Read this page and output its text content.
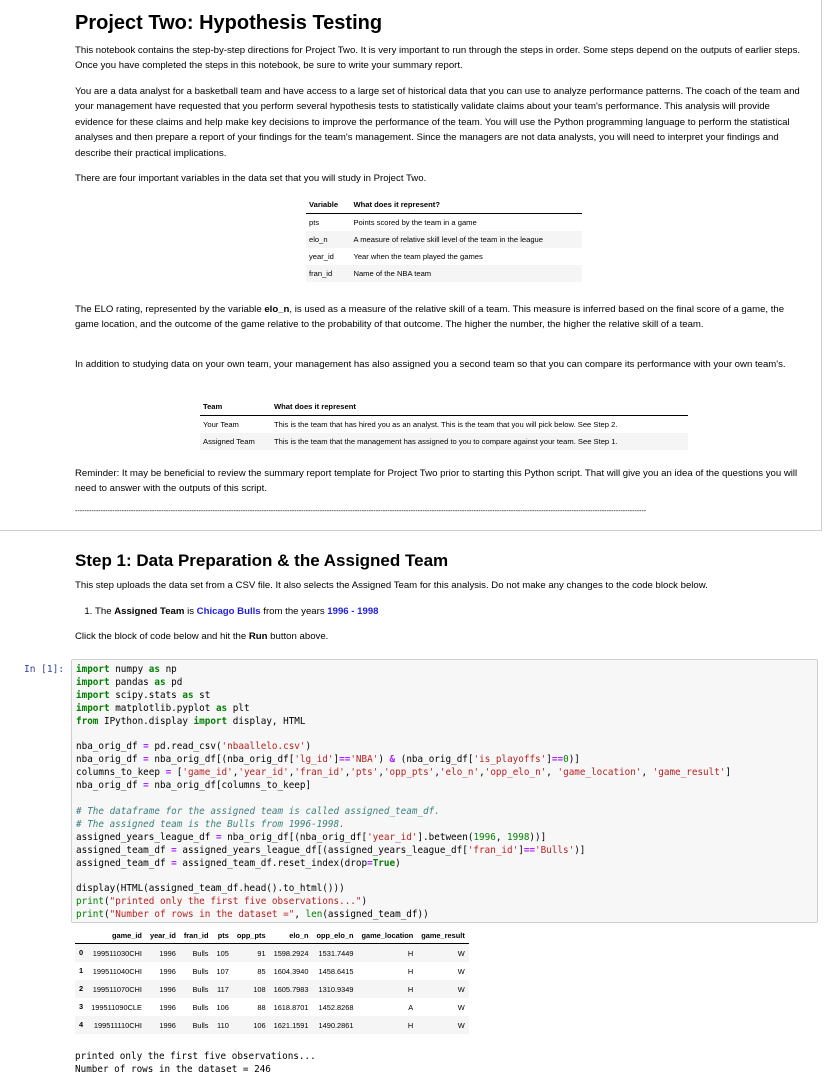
Project Two: Hypothesis Testing

This notebook contains the step-by-step directions for Project Two. It is very important to run through the steps in order. Some steps depend on the outputs of earlier steps. Once you have completed the steps in this notebook, be sure to write your summary report.

You are a data analyst for a basketball team and have access to a large set of historical data that you can use to analyze performance patterns. The coach of the team and your management have requested that you perform several hypothesis tests to statistically validate claims about your team's performance. This analysis will provide evidence for these claims and help make key decisions to improve the performance of the team. You will use the Python programming language to perform the statistical analyses and then prepare a report of your findings for the team's management. Since the managers are not data analysts, you will need to interpret your findings and describe their practical implications.

There are four important variables in the data set that you will study in Project Two.

Variable	What does it represent?
pts	Points scored by the team in a game
elo_n	A measure of relative skill level of the team in the league
year_id	Year when the team played the games
fran_id	Name of the NBA team

The ELO rating, represented by the variable elo_n, is used as a measure of the relative skill of a team. This measure is inferred based on the final score of a game, the game location, and the outcome of the game relative to the probability of that outcome. The higher the number, the higher the relative skill of a team.

In addition to studying data on your own team, your management has also assigned you a second team so that you can compare its performance with your own team's.

Team	What does it represent
Your Team	This is the team that has hired you as an analyst. This is the team that you will pick below. See Step 2.
Assigned Team	This is the team that the management has assigned to you to compare against your team. See Step 1.

Reminder: It may be beneficial to review the summary report template for Project Two prior to starting this Python script. That will give you an idea of the questions you will need to answer with the outputs of this script.

-----------------------------------------------------------------------------------------------------------------------------------------------------------------------------------------------------------------------------------------------------

Step 1: Data Preparation & the Assigned Team

This step uploads the data set from a CSV file. It also selects the Assigned Team for this analysis. Do not make any changes to the code block below.

1. The Assigned Team is Chicago Bulls from the years 1996 - 1998

Click the block of code below and hit the Run button above.

In [1]:	import numpy as np
import pandas as pd
import scipy.stats as st
import matplotlib.pyplot as plt
from IPython.display import display, HTML

nba_orig_df = pd.read_csv('nbaallelo.csv')
nba_orig_df = nba_orig_df[(nba_orig_df['lg_id']=='NBA') & (nba_orig_df['is_playoffs']==0)]
columns_to_keep = ['game_id','year_id','fran_id','pts','opp_pts','elo_n','opp_elo_n', 'game_location', 'game_result']
nba_orig_df = nba_orig_df[columns_to_keep]

# The dataframe for the assigned team is called assigned_team_df.
# The assigned team is the Bulls from 1996-1998.
assigned_years_league_df = nba_orig_df[(nba_orig_df['year_id'].between(1996, 1998))]
assigned_team_df = assigned_years_league_df[(assigned_years_league_df['fran_id']=='Bulls')]
assigned_team_df = assigned_team_df.reset_index(drop=True)

display(HTML(assigned_team_df.head().to_html()))
print("printed only the first five observations...")
print("Number of rows in the dataset =", len(assigned_team_df))
	game_id	year_id	fran_id	pts	opp_pts	elo_n	opp_elo_n	game_location	game_result
0	199511030CHI	1996	Bulls	105	91	1598.2924	1531.7449	H	W
1	199511040CHI	1996	Bulls	107	85	1604.3940	1458.6415	H	W
2	199511070CHI	1996	Bulls	117	108	1605.7983	1310.9349	H	W
3	199511090CLE	1996	Bulls	106	88	1618.8701	1452.8268	A	W
4	199511110CHI	1996	Bulls	110	106	1621.1591	1490.2861	H	W
printed only the first five observations...
Number of rows in the dataset = 246
